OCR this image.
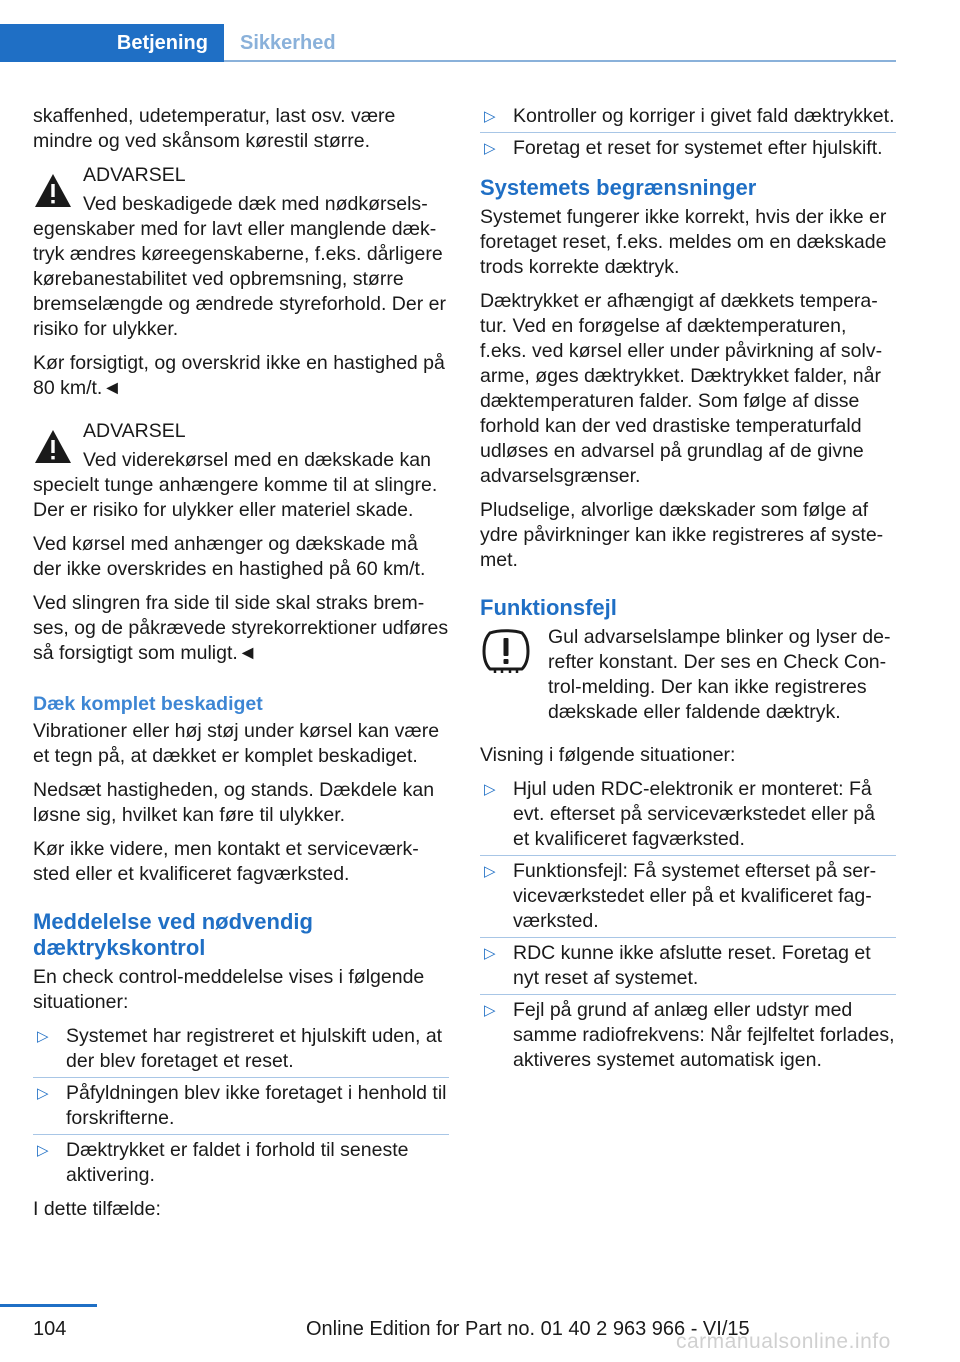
Betjening	Sikkerhed

skaffenhed, udetemperatur, last osv. være mindre og ved skånsom kørestil større.

ADVARSEL

Ved beskadigede dæk med nødkørselsegenskaber med for lavt eller manglende dæktryk ændres køreegenskaberne, f.eks. dårligere kørebanestabilitet ved opbremsning, større bremselængde og ændrede styreforhold. Der er risiko for ulykker.

Kør forsigtigt, og overskrid ikke en hastighed på 80 km/t.◄

ADVARSEL

Ved viderekørsel med en dækskade kan specielt tunge anhængere komme til at slingre. Der er risiko for ulykker eller materiel skade.

Ved kørsel med anhænger og dækskade må der ikke overskrides en hastighed på 60 km/t.

Ved slingren fra side til side skal straks bremses, og de påkrævede styrekorrektioner udføres så forsigtigt som muligt.◄

Dæk komplet beskadiget

Vibrationer eller høj støj under kørsel kan være et tegn på, at dækket er komplet beskadiget.

Nedsæt hastigheden, og stands. Dækdele kan løsne sig, hvilket kan føre til ulykker.

Kør ikke videre, men kontakt et serviceværksted eller et kvalificeret fagværksted.

Meddelelse ved nødvendig dæktrykskontrol

En check control-meddelelse vises i følgende situationer:

▷ Systemet har registreret et hjulskift uden, at der blev foretaget et reset.
▷ Påfyldningen blev ikke foretaget i henhold til forskrifterne.
▷ Dæktrykket er faldet i forhold til seneste aktivering.

I dette tilfælde:

▷ Kontroller og korriger i givet fald dæktrykket.
▷ Foretag et reset for systemet efter hjulskift.
Systemets begrænsninger

Systemet fungerer ikke korrekt, hvis der ikke er foretaget reset, f.eks. meldes om en dækskade trods korrekte dæktryk.

Dæktrykket er afhængigt af dækkets temperatur. Ved en forøgelse af dæktemperaturen, f.eks. ved kørsel eller under påvirkning af solvarme, øges dæktrykket. Dæktrykket falder, når dæktemperaturen falder. Som følge af disse forhold kan der ved drastiske temperaturfald udløses en advarsel på grundlag af de givne advarselsgrænser.

Pludselige, alvorlige dækskader som følge af ydre påvirkninger kan ikke registreres af systemet.

Funktionsfejl

Gul advarselslampe blinker og lyser derefter konstant. Der ses en Check Control-melding. Der kan ikke registreres dækskade eller faldende dæktryk.

Visning i følgende situationer:

▷ Hjul uden RDC-elektronik er monteret: Få evt. efterset på serviceværkstedet eller på et kvalificeret fagværksted.
▷ Funktionsfejl: Få systemet efterset på serviceværkstedet eller på et kvalificeret fagværksted.
▷ RDC kunne ikke afslutte reset. Foretag et nyt reset af systemet.
▷ Fejl på grund af anlæg eller udstyr med samme radiofrekvens: Når fejlfeltet forlades, aktiveres systemet automatisk igen.
104	Online Edition for Part no. 01 40 2 963 966 - VI/15
carmanualsonline.info
